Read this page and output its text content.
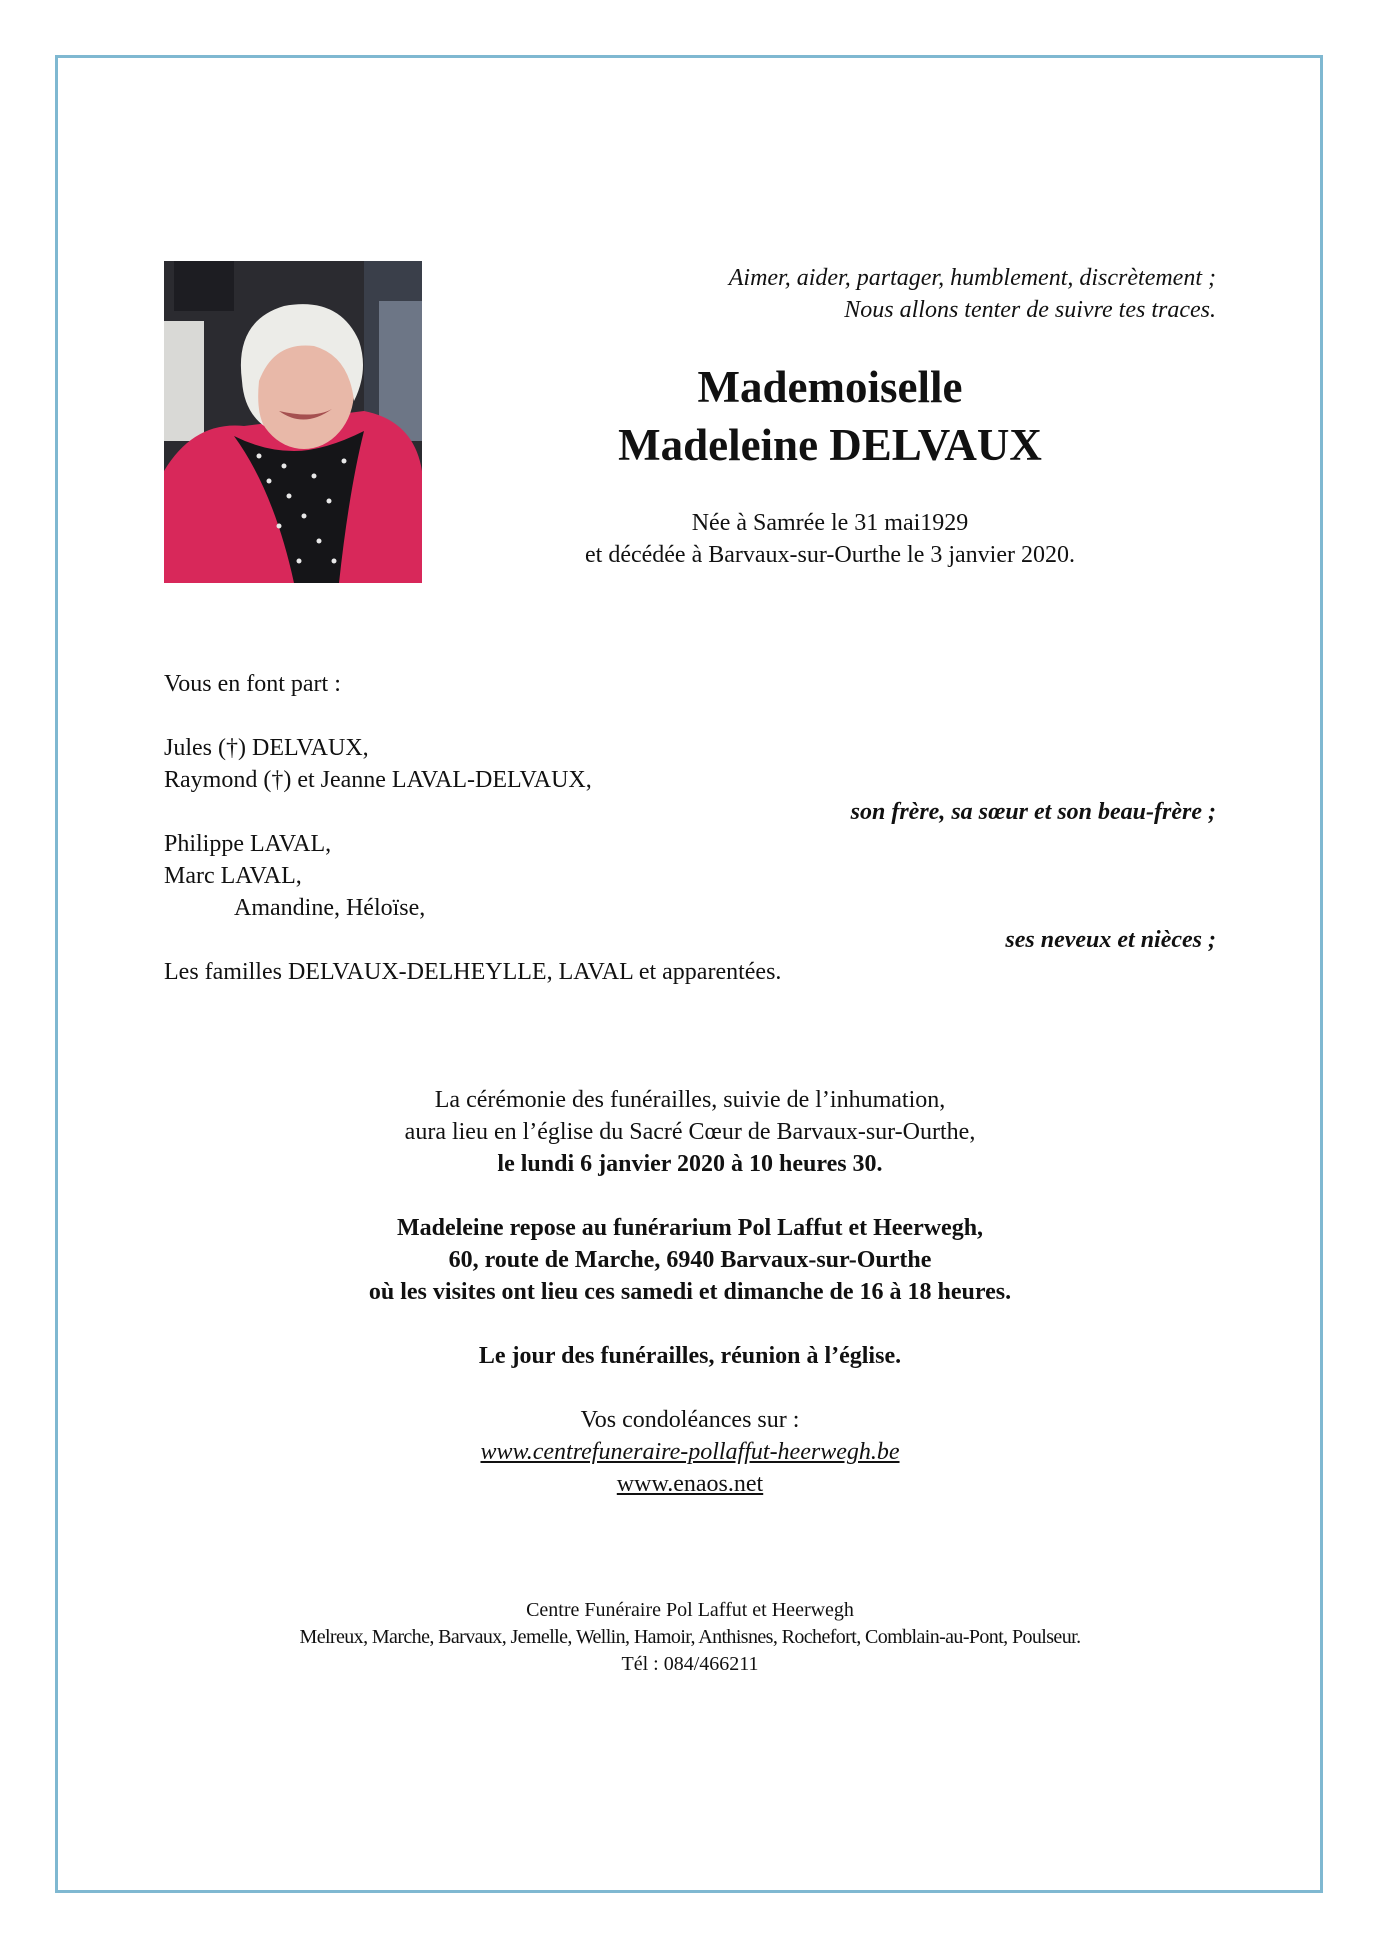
Aimer, aider, partager, humblement, discrètement ;
Nous allons tenter de suivre tes traces.
Mademoiselle
Madeleine DELVAUX
Née à Samrée le 31 mai1929
et décédée à Barvaux-sur-Ourthe le 3 janvier 2020.
Vous en font part :
Jules (†) DELVAUX,
Raymond (†) et Jeanne LAVAL-DELVAUX,
son frère, sa sœur et son beau-frère ;
Philippe LAVAL,
Marc LAVAL,
Amandine, Héloïse,
ses neveux et nièces ;
Les familles DELVAUX-DELHEYLLE, LAVAL et apparentées.
La cérémonie des funérailles, suivie de l’inhumation,
aura lieu en l’église du Sacré Cœur de Barvaux-sur-Ourthe,
le lundi 6 janvier 2020 à 10 heures 30.
Madeleine repose au funérarium Pol Laffut et Heerwegh,
60, route de Marche, 6940 Barvaux-sur-Ourthe
où les visites ont lieu ces samedi et dimanche de 16 à 18 heures.
Le jour des funérailles, réunion à l’église.
Vos condoléances sur :
www.centrefuneraire-pollaffut-heerwegh.be
www.enaos.net
Centre Funéraire Pol Laffut et Heerwegh
Melreux, Marche, Barvaux, Jemelle, Wellin, Hamoir, Anthisnes, Rochefort, Comblain-au-Pont, Poulseur.
Tél : 084/466211
